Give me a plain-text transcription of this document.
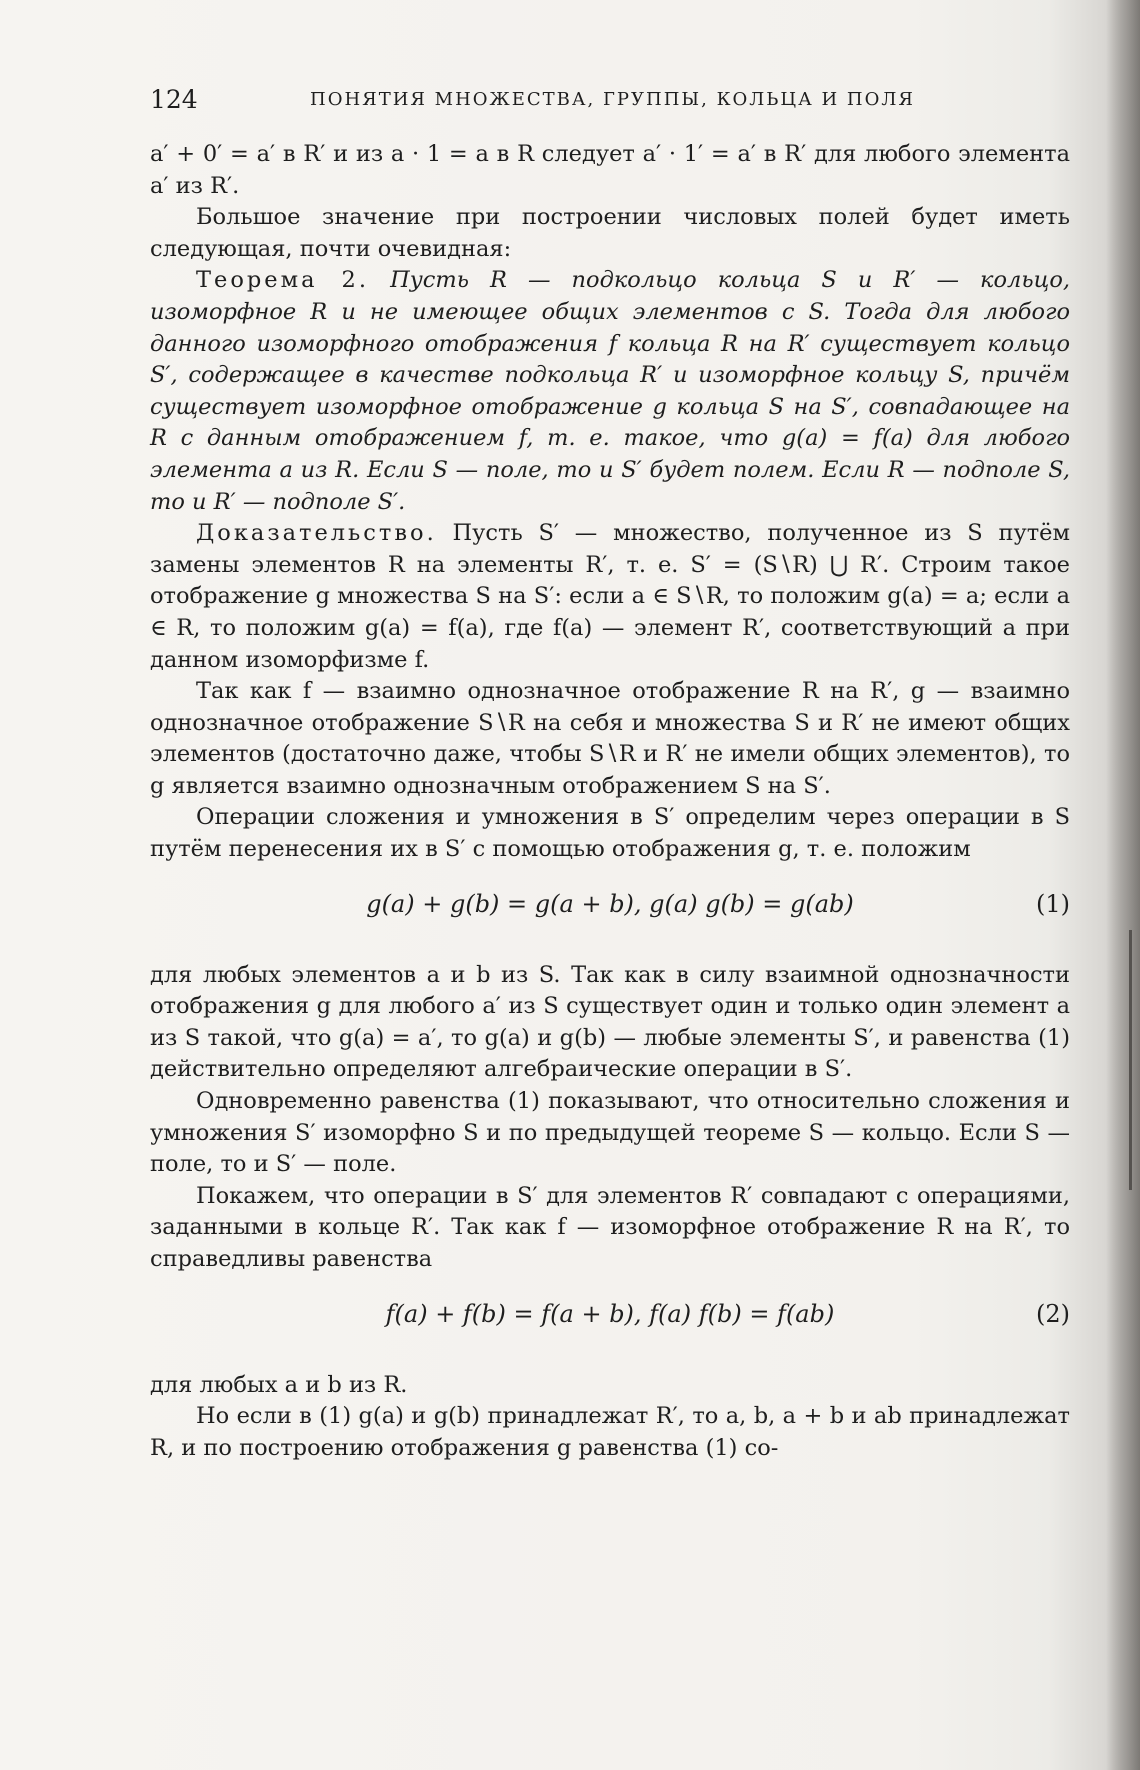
124	ПОНЯТИЯ МНОЖЕСТВА, ГРУППЫ, КОЛЬЦА И ПОЛЯ

a′ + 0′ = a′ в R′ и из a · 1 = a в R следует a′ · 1′ = a′ в R′ для любого элемента a′ из R′.

Большое значение при построении числовых полей будет иметь следующая, почти очевидная:

Теорема 2. Пусть R — подкольцо кольца S и R′ — кольцо, изоморфное R и не имеющее общих элементов с S. Тогда для любого данного изоморфного отображения f кольца R на R′ существует кольцо S′, содержащее в качестве подкольца R′ и изоморфное кольцу S, причём существует изоморфное отображение g кольца S на S′, совпадающее на R с данным отображением f, т. е. такое, что g(a) = f(a) для любого элемента a из R. Если S — поле, то и S′ будет полем. Если R — подполе S, то и R′ — подполе S′.

Доказательство. Пусть S′ — множество, полученное из S путём замены элементов R на элементы R′, т. е. S′ = (S∖R) ⋃ R′. Строим такое отображение g множества S на S′: если a ∈ S∖R, то положим g(a) = a; если a ∈ R, то положим g(a) = f(a), где f(a) — элемент R′, соответствующий a при данном изоморфизме f.

Так как f — взаимно однозначное отображение R на R′, g — взаимно однозначное отображение S∖R на себя и множества S и R′ не имеют общих элементов (достаточно даже, чтобы S∖R и R′ не имели общих элементов), то g является взаимно однозначным отображением S на S′.

Операции сложения и умножения в S′ определим через операции в S путём перенесения их в S′ с помощью отображения g, т. е. положим

g(a) + g(b) = g(a + b), g(a) g(b) = g(ab)	(1)

для любых элементов a и b из S. Так как в силу взаимной однозначности отображения g для любого a′ из S существует один и только один элемент a из S такой, что g(a) = a′, то g(a) и g(b) — любые элементы S′, и равенства (1) действительно определяют алгебраические операции в S′.

Одновременно равенства (1) показывают, что относительно сложения и умножения S′ изоморфно S и по предыдущей теореме S — кольцо. Если S — поле, то и S′ — поле.

Покажем, что операции в S′ для элементов R′ совпадают с операциями, заданными в кольце R′. Так как f — изоморфное отображение R на R′, то справедливы равенства

f(a) + f(b) = f(a + b), f(a) f(b) = f(ab)	(2)

для любых a и b из R.

Но если в (1) g(a) и g(b) принадлежат R′, то a, b, a + b и ab принадлежат R, и по построению отображения g равенства (1) со-
